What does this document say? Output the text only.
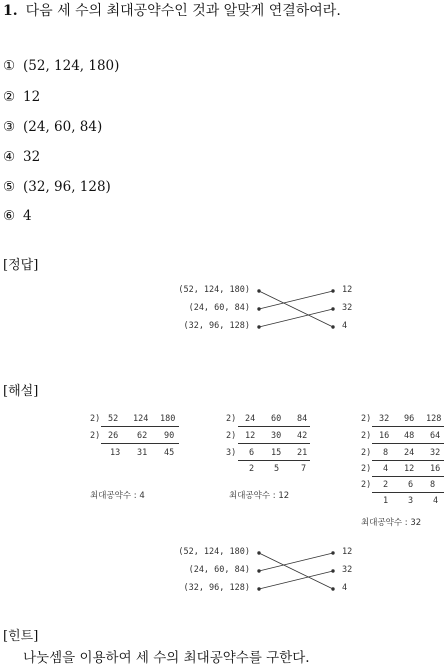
1. 다음 세 수의 최대공약수인 것과 알맞게 연결하여라.
① (52, 124, 180)
② 12
③ (24, 60, 84)
④ 32
⑤ (32, 96, 128)
⑥ 4
[정답]
(52, 124, 180)
(24, 60, 84)
(32, 96, 128)
12
32
4
[해설]
2) 52 124 180
2) 26 62 90
13 31 45
최대공약수 : 4
2) 24 60 84
2) 12 30 42
3) 6 15 21
2 5	7
최대공약수 : 12
2) 32 96 128
2) 16 48 64
2) 8 24 32
2) 4 12 16
2) 2 6 8
1 3 4
최대공약수 : 32
(52, 124, 180)
(24, 60, 84)
(32, 96, 128)
12
32
4
[힌트]
나눗셈을 이용하여 세 수의 최대공약수를 구한다.
